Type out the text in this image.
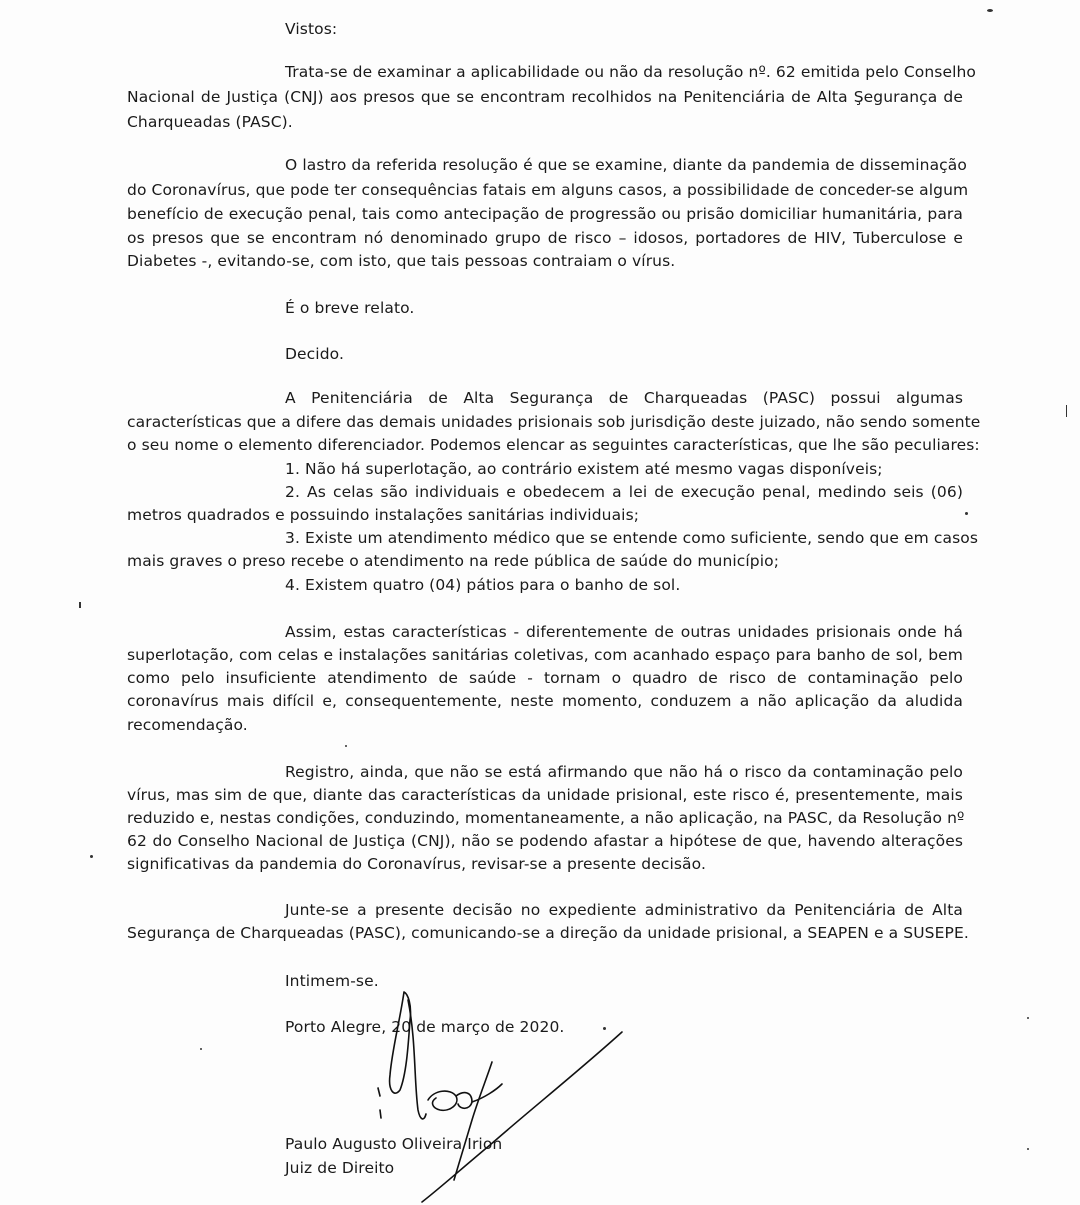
Vistos:
Trata-se de examinar a aplicabilidade ou não da resolução nº. 62 emitida pelo Conselho
Nacional de Justiça (CNJ) aos presos que se encontram recolhidos na Penitenciária de Alta Şegurança de
Charqueadas (PASC).
O lastro da referida resolução é que se examine, diante da pandemia de disseminação
do Coronavírus, que pode ter consequências fatais em alguns casos, a possibilidade de conceder-se algum
benefício de execução penal, tais como antecipação de progressão ou prisão domiciliar humanitária, para
os presos que se encontram nó denominado grupo de risco – idosos, portadores de HIV, Tuberculose e
Diabetes -, evitando-se, com isto, que tais pessoas contraiam o vírus.
É o breve relato.
Decido.
A Penitenciária de Alta Segurança de Charqueadas (PASC) possui algumas
características que a difere das demais unidades prisionais sob jurisdição deste juizado, não sendo somente
o seu nome o elemento diferenciador. Podemos elencar as seguintes características, que lhe são peculiares:
1. Não há superlotação, ao contrário existem até mesmo vagas disponíveis;
2. As celas são individuais e obedecem a lei de execução penal, medindo seis (06)
metros quadrados e possuindo instalações sanitárias individuais;
3. Existe um atendimento médico que se entende como suficiente, sendo que em casos
mais graves o preso recebe o atendimento na rede pública de saúde do município;
4. Existem quatro (04) pátios para o banho de sol.
Assim, estas características - diferentemente de outras unidades prisionais onde há
superlotação, com celas e instalações sanitárias coletivas, com acanhado espaço para banho de sol, bem
como pelo insuficiente atendimento de saúde - tornam o quadro de risco de contaminação pelo
coronavírus mais difícil e, consequentemente, neste momento, conduzem a não aplicação da aludida
recomendação.
Registro, ainda, que não se está afirmando que não há o risco da contaminação pelo
vírus, mas sim de que, diante das características da unidade prisional, este risco é, presentemente, mais
reduzido e, nestas condições, conduzindo, momentaneamente, a não aplicação, na PASC, da Resolução nº
62 do Conselho Nacional de Justiça (CNJ), não se podendo afastar a hipótese de que, havendo alterações
significativas da pandemia do Coronavírus, revisar-se a presente decisão.
Junte-se a presente decisão no expediente administrativo da Penitenciária de Alta
Segurança de Charqueadas (PASC), comunicando-se a direção da unidade prisional, a SEAPEN e a SUSEPE.
Intimem-se.
Porto Alegre, 20 de março de 2020.
Paulo Augusto Oliveira Irion
Juiz de Direito
